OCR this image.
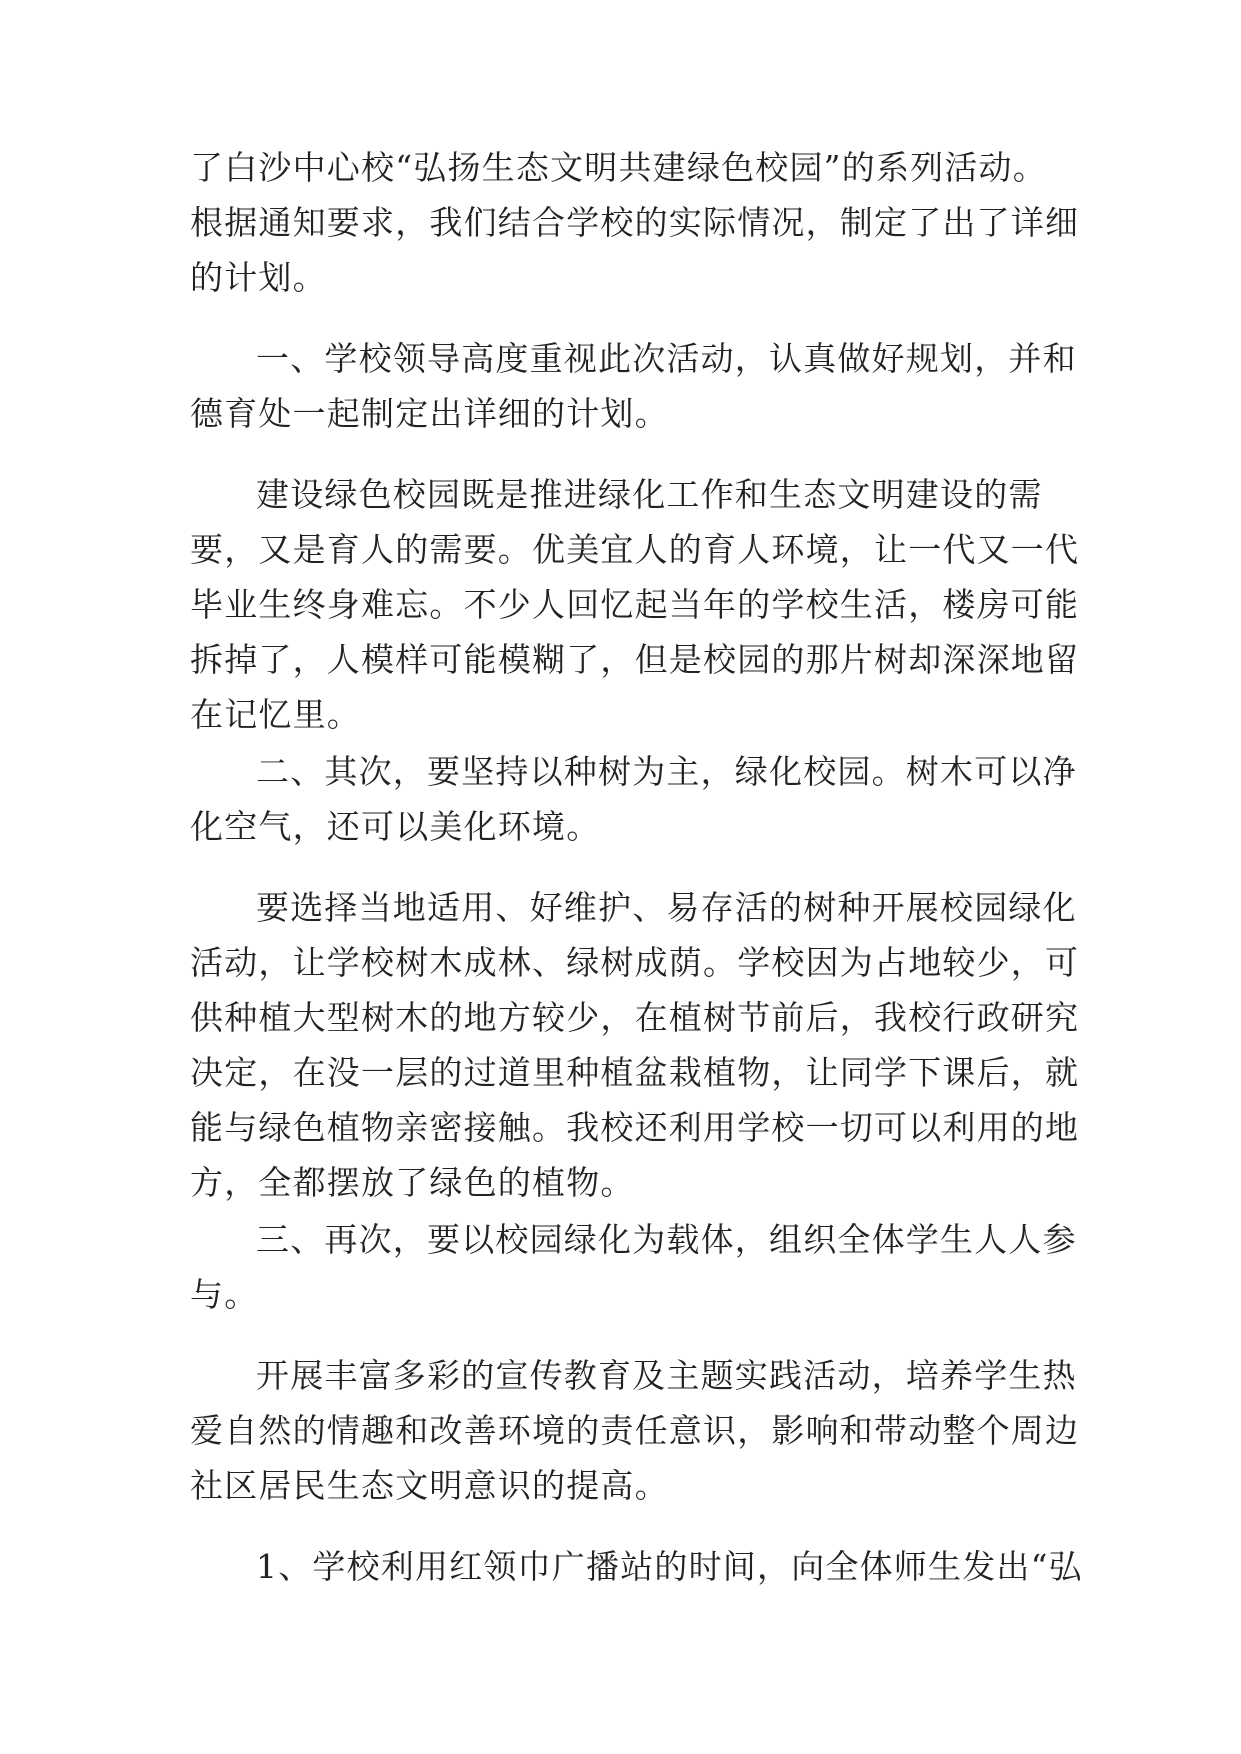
了白沙中心校“弘扬生态文明共建绿色校园”的系列活动。
根据通知要求，我们结合学校的实际情况，制定了出了详细
的计划。
一、学校领导高度重视此次活动，认真做好规划，并和
德育处一起制定出详细的计划。
建设绿色校园既是推进绿化工作和生态文明建设的需
要，又是育人的需要。优美宜人的育人环境，让一代又一代
毕业生终身难忘。不少人回忆起当年的学校生活，楼房可能
拆掉了，人模样可能模糊了，但是校园的那片树却深深地留
在记忆里。
二、其次，要坚持以种树为主，绿化校园。树木可以净
化空气，还可以美化环境。
要选择当地适用、好维护、易存活的树种开展校园绿化
活动，让学校树木成林、绿树成荫。学校因为占地较少，可
供种植大型树木的地方较少，在植树节前后，我校行政研究
决定，在没一层的过道里种植盆栽植物，让同学下课后，就
能与绿色植物亲密接触。我校还利用学校一切可以利用的地
方，全都摆放了绿色的植物。
三、再次，要以校园绿化为载体，组织全体学生人人参
与。
开展丰富多彩的宣传教育及主题实践活动，培养学生热
爱自然的情趣和改善环境的责任意识，影响和带动整个周边
社区居民生态文明意识的提高。
1、学校利用红领巾广播站的时间，向全体师生发出“弘
